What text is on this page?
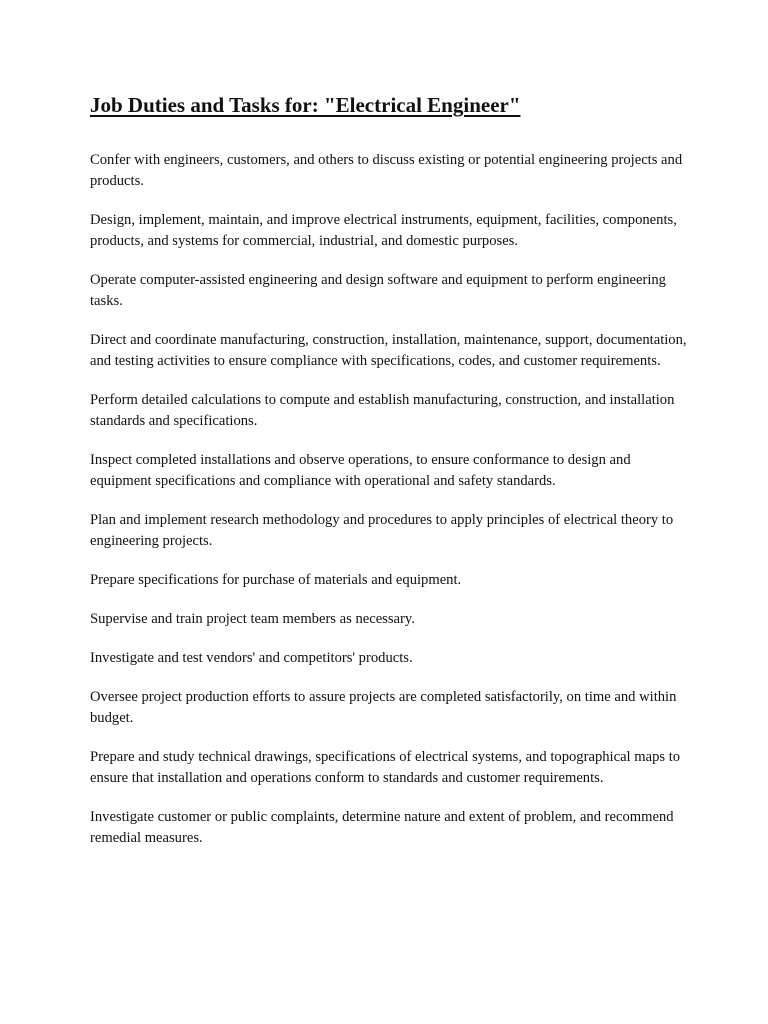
Job Duties and Tasks for: "Electrical Engineer"

Confer with engineers, customers, and others to discuss existing or potential engineering projects and products.

Design, implement, maintain, and improve electrical instruments, equipment, facilities, components, products, and systems for commercial, industrial, and domestic purposes.

Operate computer-assisted engineering and design software and equipment to perform engineering tasks.

Direct and coordinate manufacturing, construction, installation, maintenance, support, documentation, and testing activities to ensure compliance with specifications, codes, and customer requirements.

Perform detailed calculations to compute and establish manufacturing, construction, and installation standards and specifications.

Inspect completed installations and observe operations, to ensure conformance to design and equipment specifications and compliance with operational and safety standards.

Plan and implement research methodology and procedures to apply principles of electrical theory to engineering projects.

Prepare specifications for purchase of materials and equipment.

Supervise and train project team members as necessary.

Investigate and test vendors' and competitors' products.

Oversee project production efforts to assure projects are completed satisfactorily, on time and within budget.

Prepare and study technical drawings, specifications of electrical systems, and topographical maps to ensure that installation and operations conform to standards and customer requirements.

Investigate customer or public complaints, determine nature and extent of problem, and recommend remedial measures.
